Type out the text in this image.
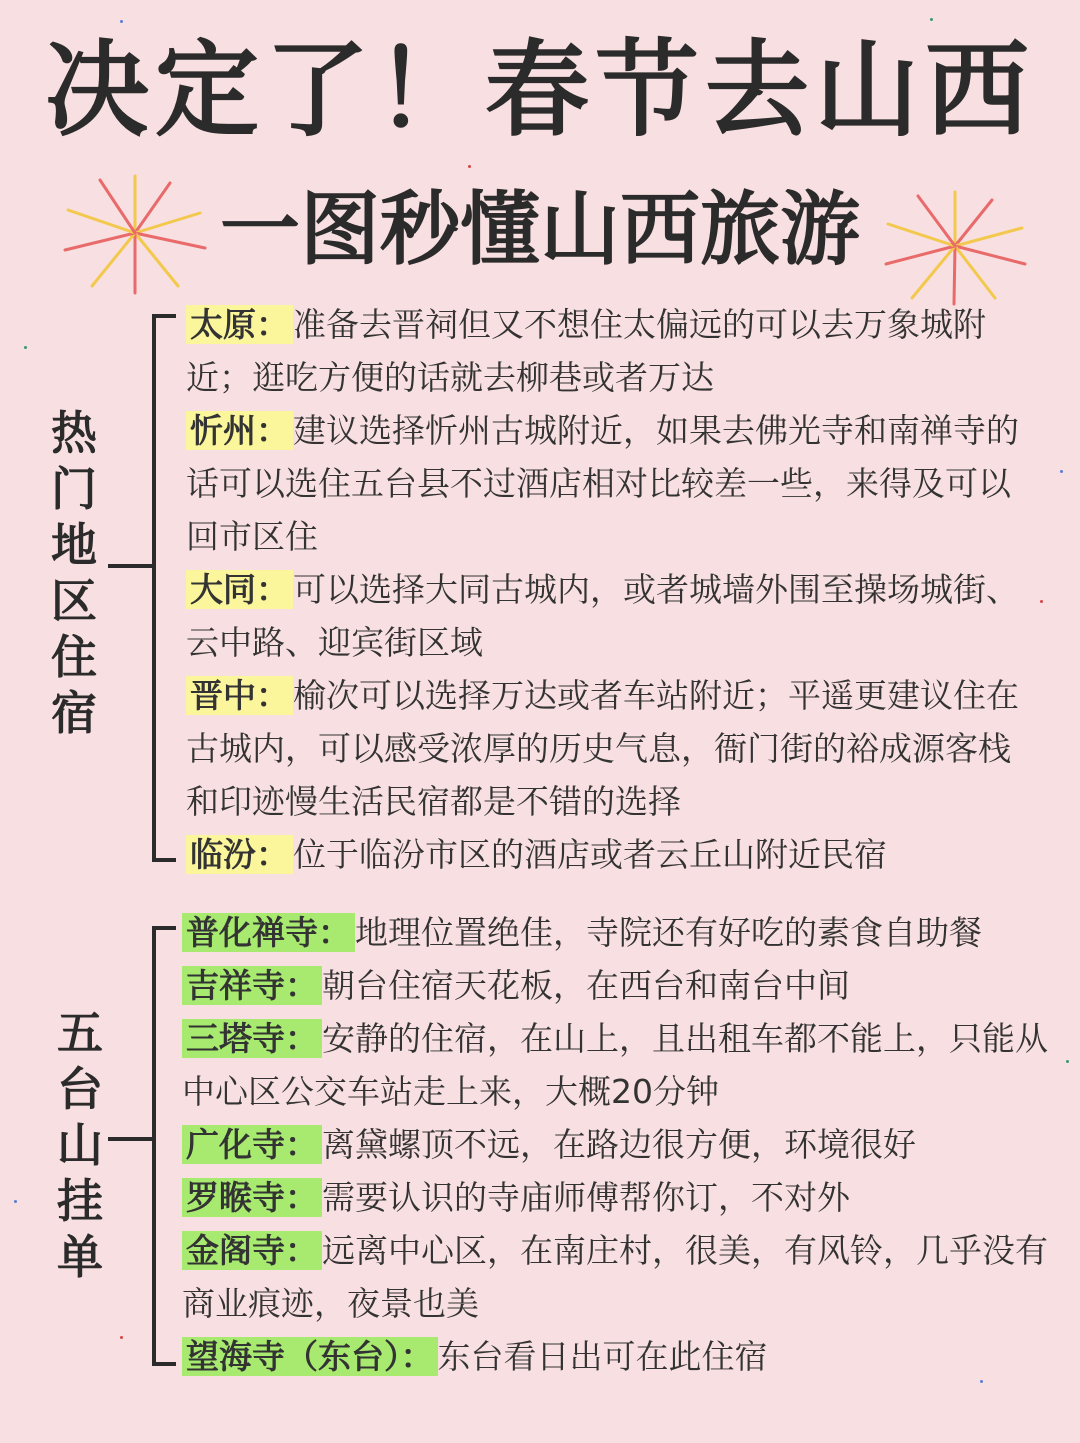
决定了！春节去山西
一图秒懂山西旅游
热
门
地
区
住
宿

太原： 准备去晋祠但又不想住太偏远的可以去万象城附近；逛吃方便的话就去柳巷或者万达

忻州： 建议选择忻州古城附近，如果去佛光寺和南禅寺的话可以选住五台县不过酒店相对比较差一些，来得及可以回市区住

大同： 可以选择大同古城内，或者城墙外围至操场城街、云中路、迎宾街区域

晋中： 榆次可以选择万达或者车站附近；平遥更建议住在古城内，可以感受浓厚的历史气息，衙门街的裕成源客栈和印迹慢生活民宿都是不错的选择

临汾： 位于临汾市区的酒店或者云丘山附近民宿

五
台
山
挂
单

普化禅寺： 地理位置绝佳，寺院还有好吃的素食自助餐

吉祥寺： 朝台住宿天花板，在西台和南台中间

三塔寺： 安静的住宿，在山上，且出租车都不能上，只能从中心区公交车站走上来，大概20分钟

广化寺： 离黛螺顶不远，在路边很方便，环境很好

罗睺寺： 需要认识的寺庙师傅帮你订，不对外

金阁寺： 远离中心区，在南庄村，很美，有风铃，几乎没有商业痕迹，夜景也美

望海寺（东台）： 东台看日出可在此住宿
